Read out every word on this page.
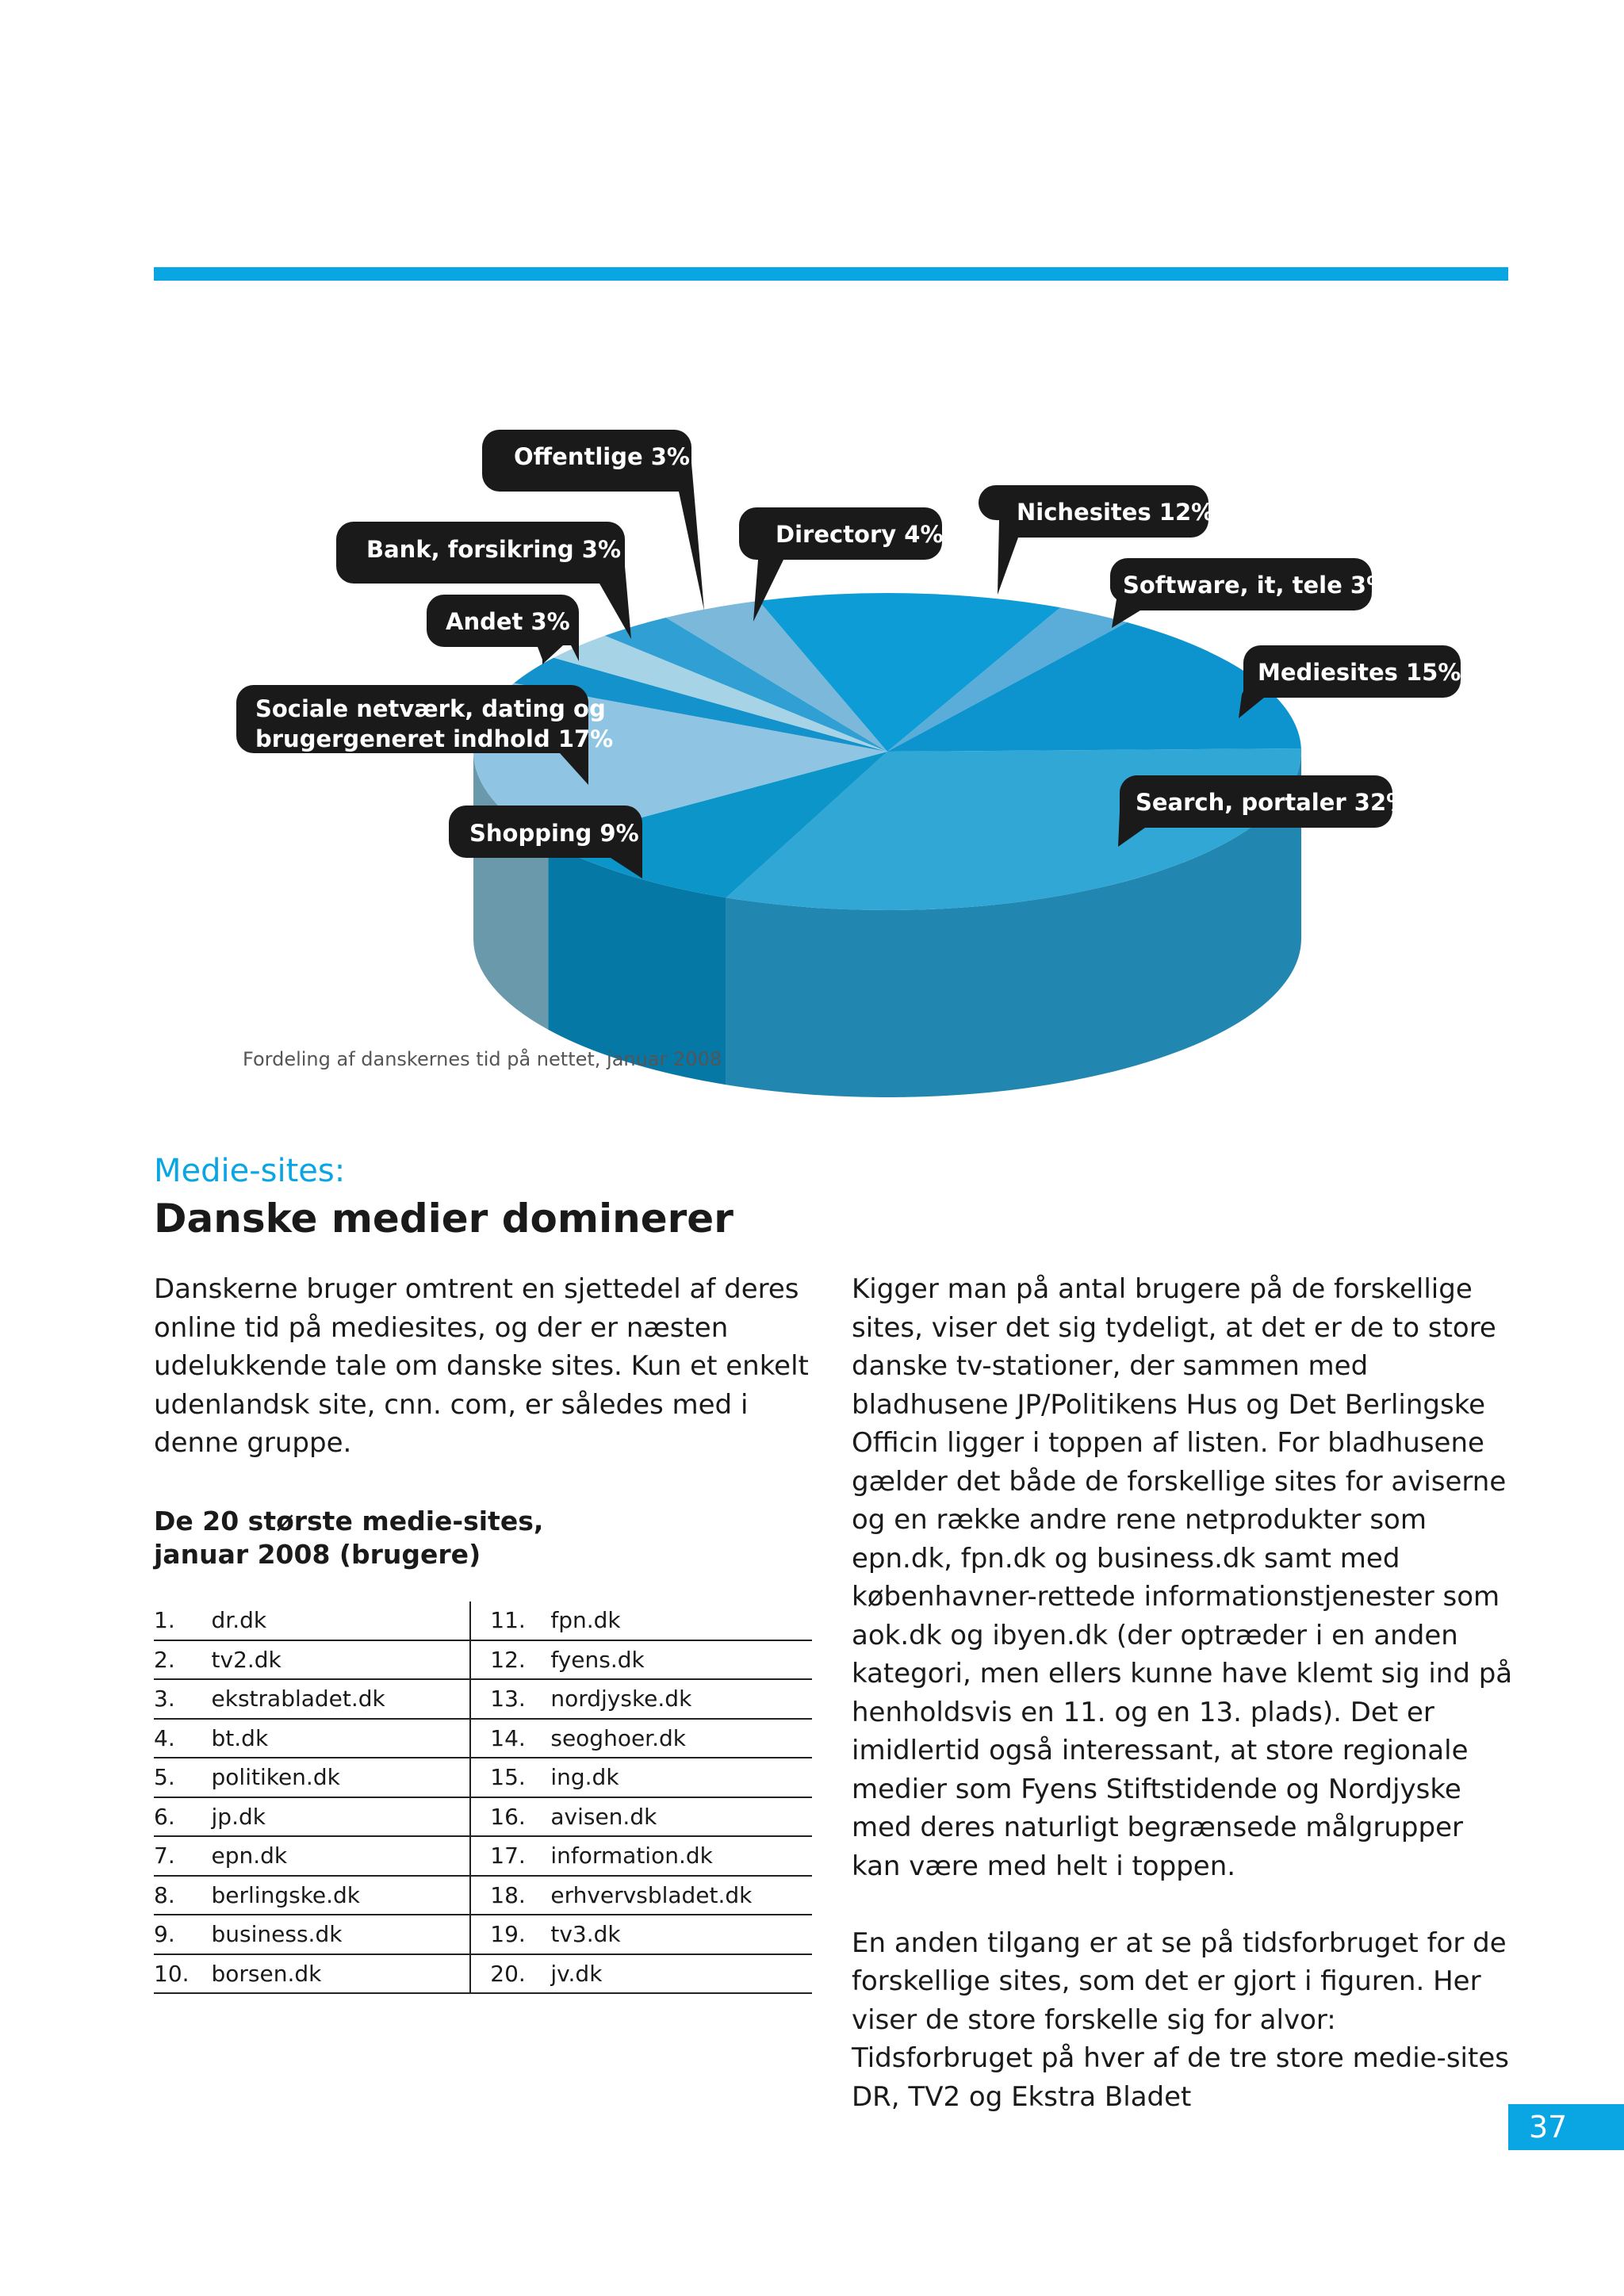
Offentlige 3%
Bank, forsikring 3%
Andet 3%
Sociale netværk, dating og
brugergeneret indhold 17%
Shopping 9%
Directory 4%
Nichesites 12%
Software, it, tele 3%
Mediesites 15%
Search, portaler 32%
Fordeling af danskernes tid på nettet, januar 2008
Medie-sites:
Danske medier dominerer

Danskerne bruger omtrent en sjettedel af deres online tid på mediesites, og der er næsten udelukkende tale om danske sites. Kun et enkelt udenlandsk site, cnn. com, er således med i denne gruppe.

Kigger man på antal brugere på de forskellige sites, viser det sig tydeligt, at det er de to store danske tv-stationer, der sammen med bladhusene JP/Politikens Hus og Det Berlingske Officin ligger i toppen af listen. For bladhusene gælder det både de forskellige sites for aviserne og en række andre rene netprodukter som epn.dk, fpn.dk og business.dk samt med københavner-rettede informationstjenester som aok.dk og ibyen.dk (der optræder i en anden kategori, men ellers kunne have klemt sig ind på henholdsvis en 11. og en 13. plads). Det er imidlertid også interessant, at store regionale medier som Fyens Stiftstidende og Nordjyske med deres naturligt begrænsede målgrupper kan være med helt i toppen.

En anden tilgang er at se på tidsforbruget for de forskellige sites, som det er gjort i figuren. Her viser de store forskelle sig for alvor: Tidsforbruget på hver af de tre store medie-sites DR, TV2 og Ekstra Bladet

De 20 største medie-sites,
januar 2008 (brugere)

1.	dr.dk	11.	fpn.dk
2.	tv2.dk	12.	fyens.dk
3.	ekstrabladet.dk	13.	nordjyske.dk
4.	bt.dk	14.	seoghoer.dk
5.	politiken.dk	15.	ing.dk
6.	jp.dk	16.	avisen.dk
7.	epn.dk	17.	information.dk
8.	berlingske.dk	18.	erhvervsbladet.dk
9.	business.dk	19.	tv3.dk
10.	borsen.dk	20.	jv.dk
37
